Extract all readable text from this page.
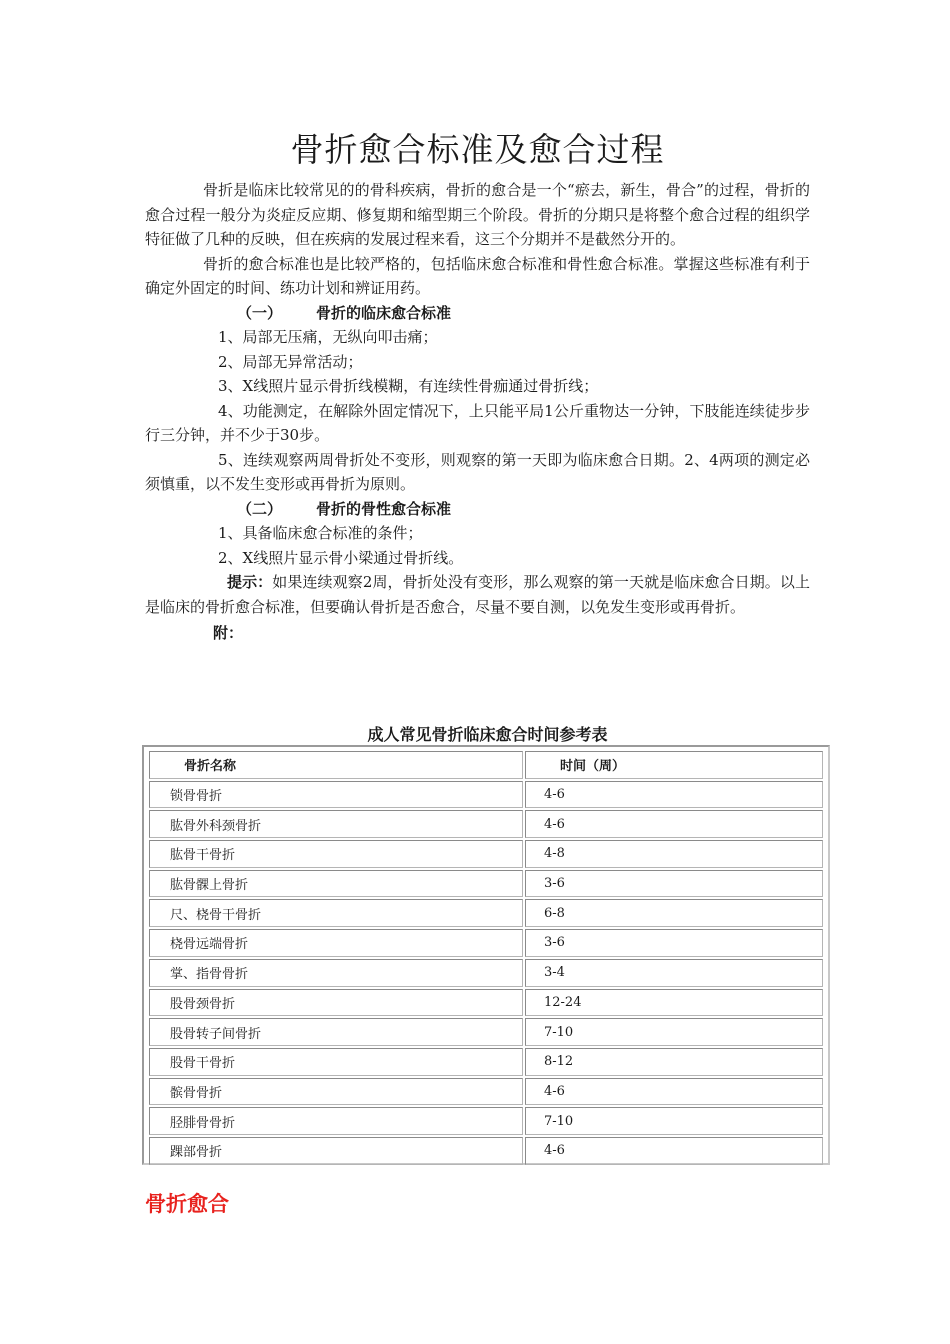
骨折愈合标准及愈合过程

骨折是临床比较常见的的骨科疾病，骨折的愈合是一个“瘀去，新生，骨合”的过程，骨折的愈合过程一般分为炎症反应期、修复期和缩型期三个阶段。骨折的分期只是将整个愈合过程的组织学特征做了几种的反映，但在疾病的发展过程来看，这三个分期并不是截然分开的。

骨折的愈合标准也是比较严格的，包括临床愈合标准和骨性愈合标准。掌握这些标准有利于确定外固定的时间、练功计划和辨证用药。

（一） 骨折的临床愈合标准

1、局部无压痛，无纵向叩击痛；

2、局部无异常活动；

3、X线照片显示骨折线模糊，有连续性骨痂通过骨折线；

4、功能测定，在解除外固定情况下，上只能平局1公斤重物达一分钟，下肢能连续徒步步行三分钟，并不少于30步。

5、连续观察两周骨折处不变形，则观察的第一天即为临床愈合日期。2、4两项的测定必须慎重，以不发生变形或再骨折为原则。

（二） 骨折的骨性愈合标准

1、具备临床愈合标准的条件；

2、X线照片显示骨小梁通过骨折线。

提示：如果连续观察2周，骨折处没有变形，那么观察的第一天就是临床愈合日期。以上是临床的骨折愈合标准，但要确认骨折是否愈合，尽量不要自测，以免发生变形或再骨折。

附：

成人常见骨折临床愈合时间参考表
骨折名称	时间（周）
锁骨骨折	4-6
肱骨外科颈骨折	4-6
肱骨干骨折	4-8
肱骨髁上骨折	3-6
尺、桡骨干骨折	6-8
桡骨远端骨折	3-6
掌、指骨骨折	3-4
股骨颈骨折	12-24
股骨转子间骨折	7-10
股骨干骨折	8-12
髌骨骨折	4-6
胫腓骨骨折	7-10
踝部骨折	4-6
骨折愈合
